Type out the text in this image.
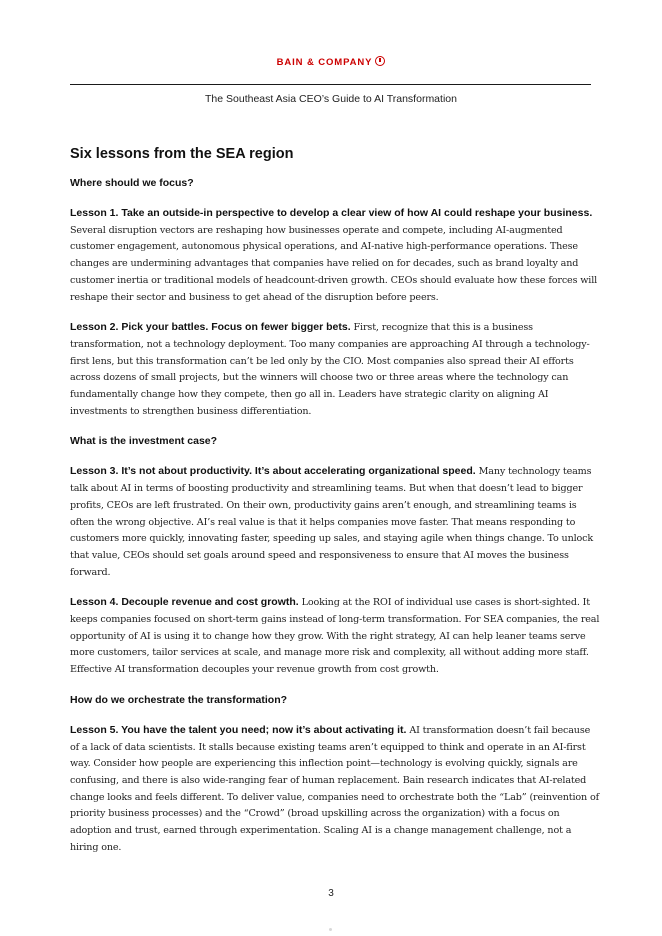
BAIN & COMPANY
The Southeast Asia CEO’s Guide to AI Transformation
Six lessons from the SEA region

Where should we focus?

Lesson 1. Take an outside-in perspective to develop a clear view of how AI could reshape your business. Several disruption vectors are reshaping how businesses operate and compete, including AI-augmented customer engagement, autonomous physical operations, and AI-native high-performance operations. These changes are undermining advantages that companies have relied on for decades, such as brand loyalty and customer inertia or traditional models of headcount-driven growth. CEOs should evaluate how these forces will reshape their sector and business to get ahead of the disruption before peers.

Lesson 2. Pick your battles. Focus on fewer bigger bets. First, recognize that this is a business transformation, not a technology deployment. Too many companies are approaching AI through a technology-first lens, but this transformation can’t be led only by the CIO. Most companies also spread their AI efforts across dozens of small projects, but the winners will choose two or three areas where the technology can fundamentally change how they compete, then go all in. Leaders have strategic clarity on aligning AI investments to strengthen business differentiation.

What is the investment case?

Lesson 3. It’s not about productivity. It’s about accelerating organizational speed. Many technology teams talk about AI in terms of boosting productivity and streamlining teams. But when that doesn’t lead to bigger profits, CEOs are left frustrated. On their own, productivity gains aren’t enough, and streamlining teams is often the wrong objective. AI’s real value is that it helps companies move faster. That means responding to customers more quickly, innovating faster, speeding up sales, and staying agile when things change. To unlock that value, CEOs should set goals around speed and responsiveness to ensure that AI moves the business forward.

Lesson 4. Decouple revenue and cost growth. Looking at the ROI of individual use cases is short-sighted. It keeps companies focused on short-term gains instead of long-term transformation. For SEA companies, the real opportunity of AI is using it to change how they grow. With the right strategy, AI can help leaner teams serve more customers, tailor services at scale, and manage more risk and complexity, all without adding more staff. Effective AI transformation decouples your revenue growth from cost growth.

How do we orchestrate the transformation?

Lesson 5. You have the talent you need; now it’s about activating it. AI transformation doesn’t fail because of a lack of data scientists. It stalls because existing teams aren’t equipped to think and operate in an AI-first way. Consider how people are experiencing this inflection point—technology is evolving quickly, signals are confusing, and there is also wide-ranging fear of human replacement. Bain research indicates that AI-related change looks and feels different. To deliver value, companies need to orchestrate both the “Lab” (reinvention of priority business processes) and the “Crowd” (broad upskilling across the organization) with a focus on adoption and trust, earned through experimentation. Scaling AI is a change management challenge, not a hiring one.

3
